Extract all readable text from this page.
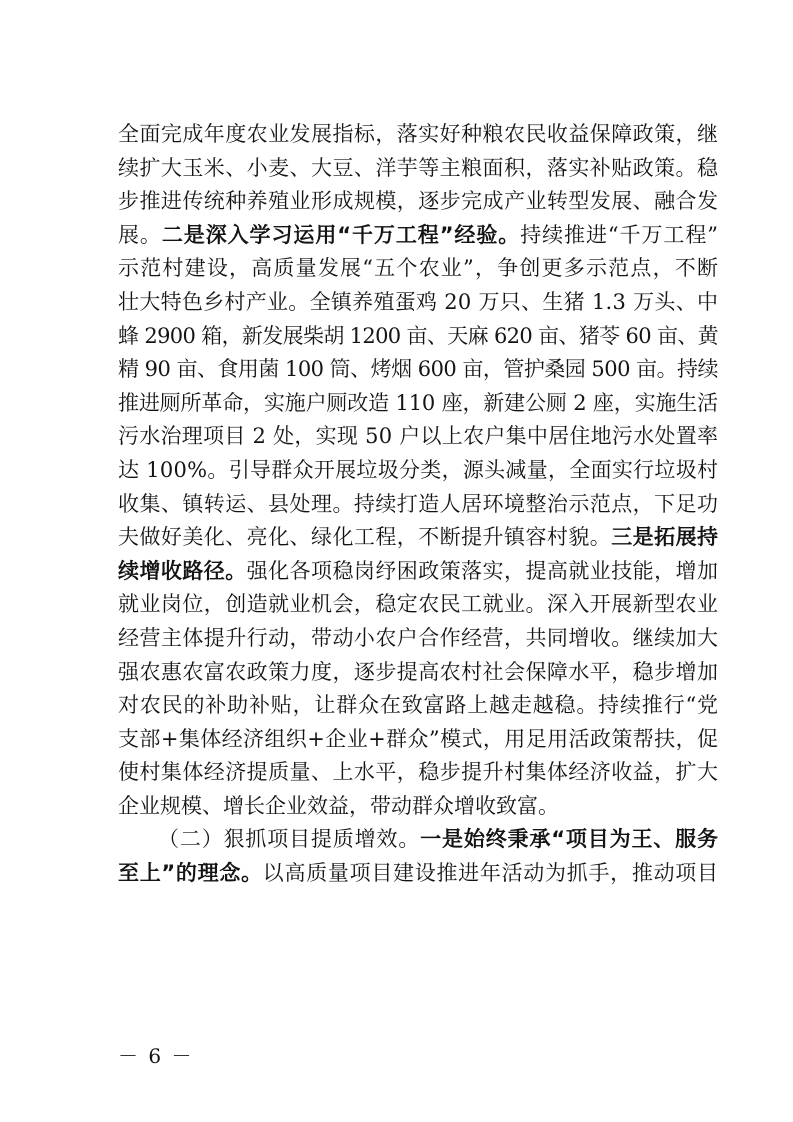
全面完成年度农业发展指标，落实好种粮农民收益保障政策，继
续扩大玉米、小麦、大豆、洋芋等主粮面积，落实补贴政策。稳
步推进传统种养殖业形成规模，逐步完成产业转型发展、融合发
展。二是深入学习运用“千万工程”经验。持续推进“千万工程”
示范村建设，高质量发展“五个农业”，争创更多示范点，不断
壮大特色乡村产业。全镇养殖蛋鸡 20 万只、生猪 1.3 万头、中
蜂 2900 箱，新发展柴胡 1200 亩、天麻 620 亩、猪苓 60 亩、黄
精 90 亩、食用菌 100 筒、烤烟 600 亩，管护桑园 500 亩。持续
推进厕所革命，实施户厕改造 110 座，新建公厕 2 座，实施生活
污水治理项目 2 处，实现 50 户以上农户集中居住地污水处置率
达 100%。引导群众开展垃圾分类，源头减量，全面实行垃圾村
收集、镇转运、县处理。持续打造人居环境整治示范点，下足功
夫做好美化、亮化、绿化工程，不断提升镇容村貌。三是拓展持
续增收路径。强化各项稳岗纾困政策落实，提高就业技能，增加
就业岗位，创造就业机会，稳定农民工就业。深入开展新型农业
经营主体提升行动，带动小农户合作经营，共同增收。继续加大
强农惠农富农政策力度，逐步提高农村社会保障水平，稳步增加
对农民的补助补贴，让群众在致富路上越走越稳。持续推行“党
支部+集体经济组织+企业+群众”模式，用足用活政策帮扶，促
使村集体经济提质量、上水平，稳步提升村集体经济收益，扩大
企业规模、增长企业效益，带动群众增收致富。
（二）狠抓项目提质增效。一是始终秉承“项目为王、服务
至上”的理念。以高质量项目建设推进年活动为抓手，推动项目
－ 6 －
